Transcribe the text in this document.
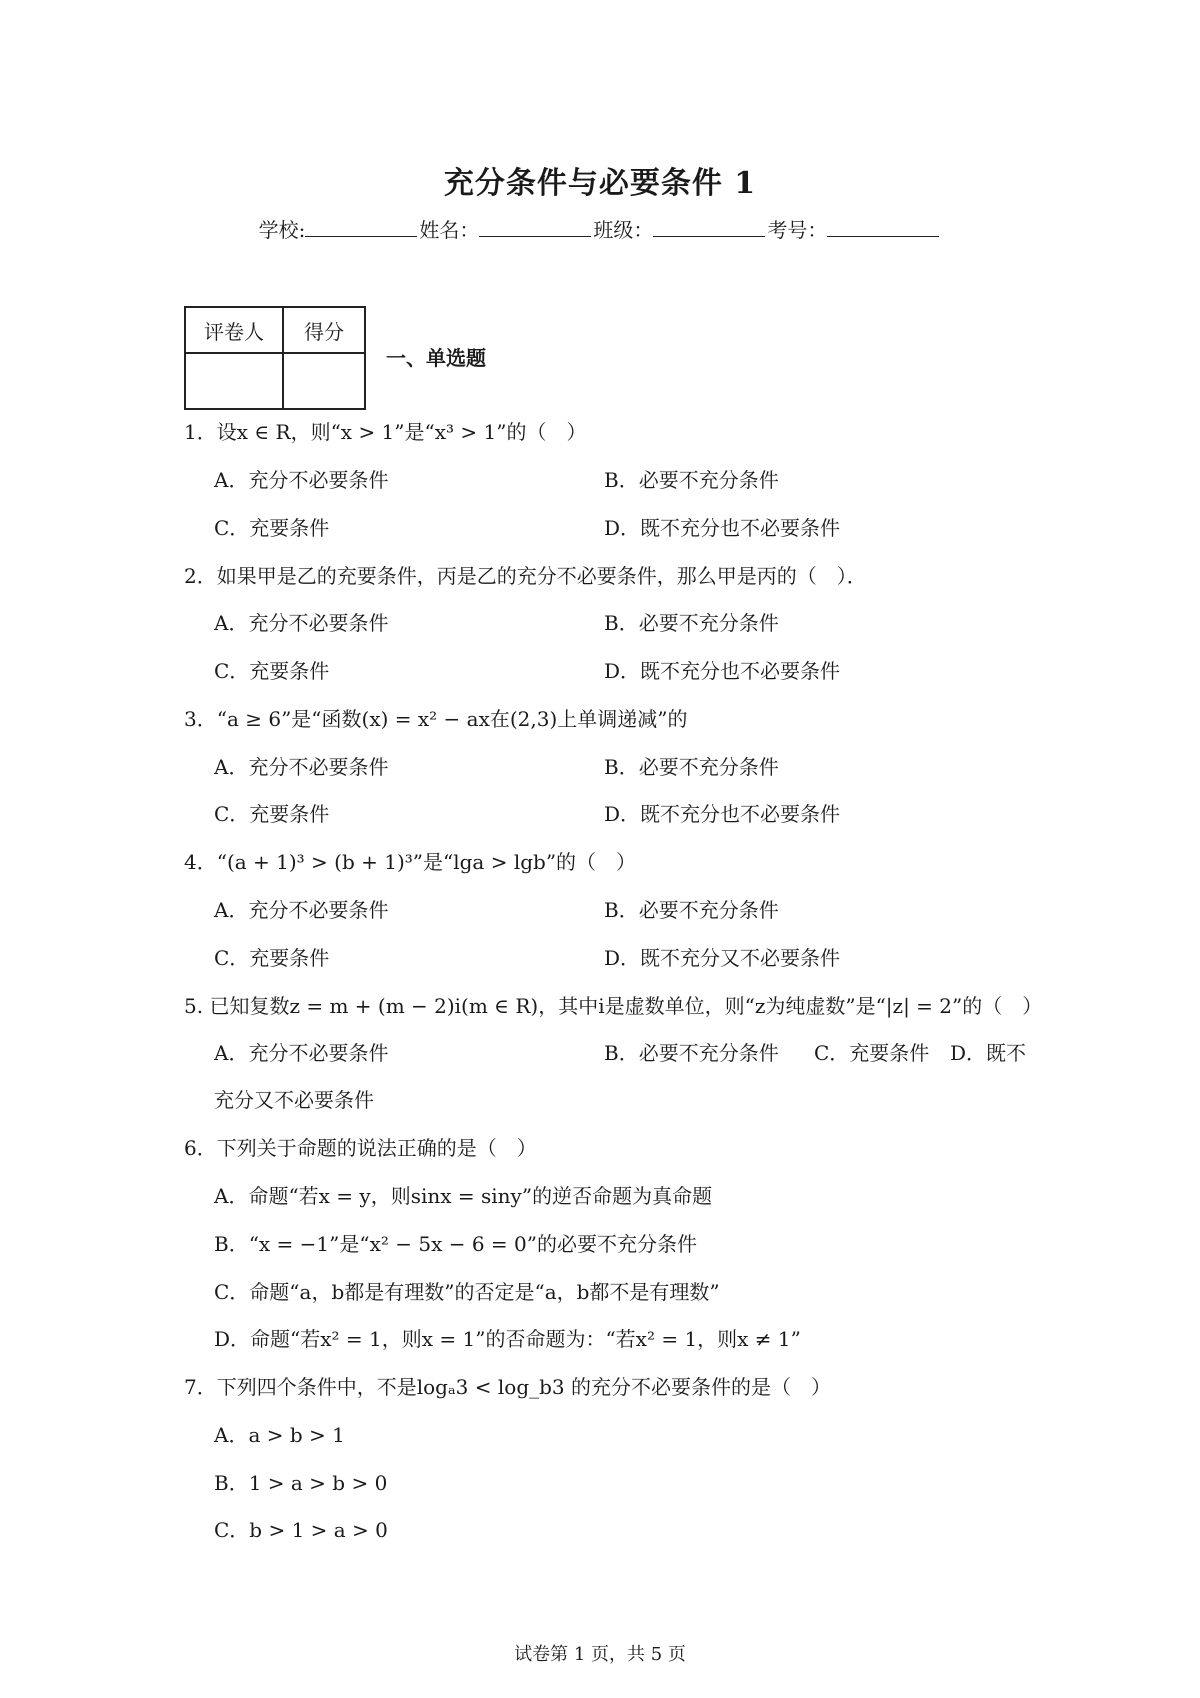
充分条件与必要条件 1
学校:	姓名：	班级：	考号：
评卷人	得分

一、单选题
1．设x ∈ R，则“x > 1”是“x³ > 1”的（　）
A．充分不必要条件	B．必要不充分条件
C．充要条件	D．既不充分也不必要条件
2．如果甲是乙的充要条件，丙是乙的充分不必要条件，那么甲是丙的（　）．
A．充分不必要条件	B．必要不充分条件
C．充要条件	D．既不充分也不必要条件
3．“a ≥ 6”是“函数(x) = x² − ax在(2,3)上单调递减”的
A．充分不必要条件	B．必要不充分条件
C．充要条件	D．既不充分也不必要条件
4．“(a + 1)³ > (b + 1)³”是“lga > lgb”的（　）
A．充分不必要条件	B．必要不充分条件
C．充要条件	D．既不充分又不必要条件
5. 已知复数z = m + (m − 2)i(m ∈ R)，其中i是虚数单位，则“z为纯虚数”是“|z| = 2”的（　）
A．充分不必要条件	B．必要不充分条件 C．充要条件 D．既不
充分又不必要条件
6．下列关于命题的说法正确的是（　）
A．命题“若x = y，则sinx = siny”的逆否命题为真命题
B．“x = −1”是“x² − 5x − 6 = 0”的必要不充分条件
C．命题“a，b都是有理数”的否定是“a，b都不是有理数”
D．命题“若x² = 1，则x = 1”的否命题为：“若x² = 1，则x ≠ 1”
7．下列四个条件中，不是logₐ3 < log_b3 的充分不必要条件的是（　）
A．a > b > 1
B．1 > a > b > 0
C．b > 1 > a > 0
试卷第 1 页，共 5 页
